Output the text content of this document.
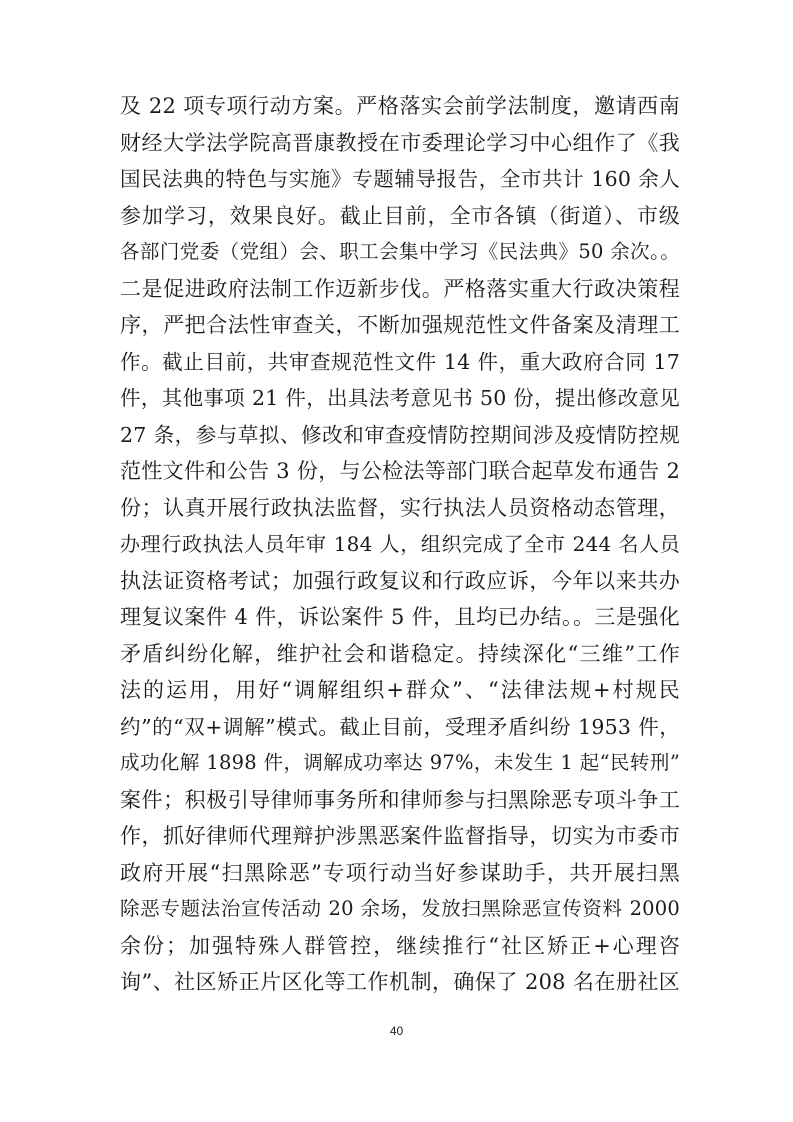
及 22 项专项行动方案。严格落实会前学法制度，邀请西南
财经大学法学院高晋康教授在市委理论学习中心组作了《我
国民法典的特色与实施》专题辅导报告，全市共计 160 余人
参加学习，效果良好。截止目前，全市各镇（街道）、市级
各部门党委（党组）会、职工会集中学习《民法典》50 余次。。
二是促进政府法制工作迈新步伐。严格落实重大行政决策程
序，严把合法性审查关，不断加强规范性文件备案及清理工
作。截止目前，共审查规范性文件 14 件，重大政府合同 17
件，其他事项 21 件，出具法考意见书 50 份，提出修改意见
27 条，参与草拟、修改和审查疫情防控期间涉及疫情防控规
范性文件和公告 3 份，与公检法等部门联合起草发布通告 2
份；认真开展行政执法监督，实行执法人员资格动态管理，
办理行政执法人员年审 184 人，组织完成了全市 244 名人员
执法证资格考试；加强行政复议和行政应诉，今年以来共办
理复议案件 4 件，诉讼案件 5 件，且均已办结。。三是强化
矛盾纠纷化解，维护社会和谐稳定。持续深化“三维”工作
法的运用，用好“调解组织+群众”、“法律法规+村规民
约”的“双+调解”模式。截止目前，受理矛盾纠纷 1953 件，
成功化解 1898 件，调解成功率达 97%，未发生 1 起“民转刑”
案件；积极引导律师事务所和律师参与扫黑除恶专项斗争工
作，抓好律师代理辩护涉黑恶案件监督指导，切实为市委市
政府开展“扫黑除恶”专项行动当好参谋助手，共开展扫黑
除恶专题法治宣传活动 20 余场，发放扫黑除恶宣传资料 2000
余份；加强特殊人群管控，继续推行“社区矫正+心理咨
询”、社区矫正片区化等工作机制，确保了 208 名在册社区
40
